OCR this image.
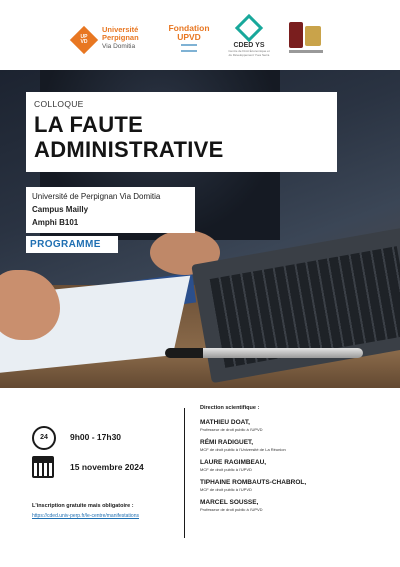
UP VD
Université
Perpignan
Via Domitia
Fondation
UPVD
CDED YS
Centre de Droit Économique et du Développement Yves Serra
COLLOQUE
LA FAUTE
ADMINISTRATIVE
Université de Perpignan Via Domitia
Campus Mailly
Amphi B101
PROGRAMME
24	9h00 - 17h30
15 novembre 2024
L'inscription gratuite mais obligatoire :
https://cded.univ-perp.fr/le-centre/manifestations
Direction scientifique :
MATHIEU DOAT,
Professeur de droit public à l'UPVD
RÉMI RADIGUET,
MCF de droit public à l'Université de La Réunion
LAURE RAGIMBEAU,
MCF de droit public à l'UPVD
TIPHAINE ROMBAUTS-CHABROL,
MCF de droit public à l'UPVD
MARCEL SOUSSE,
Professeur de droit public à l'UPVD
